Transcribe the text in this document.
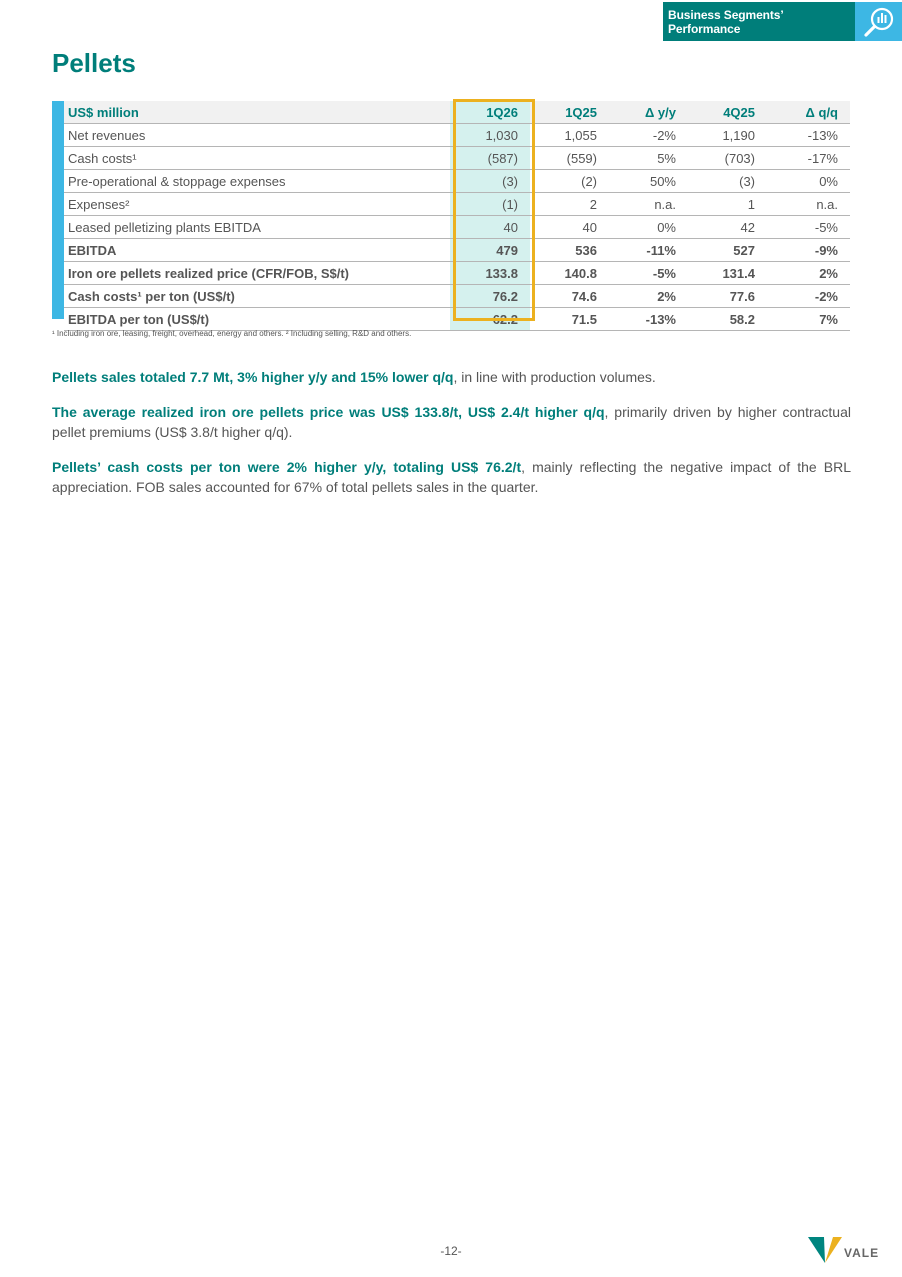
Business Segments’ Performance
Pellets
US$ million	1Q26	1Q25	Δ y/y	4Q25	Δ q/q
Net revenues	1,030	1,055	-2%	1,190	-13%
Cash costs¹	(587)	(559)	5%	(703)	-17%
Pre-operational & stoppage expenses	(3)	(2)	50%	(3)	0%
Expenses²	(1)	2	n.a.	1	n.a.
Leased pelletizing plants EBITDA	40	40	0%	42	-5%
EBITDA	479	536	-11%	527	-9%
Iron ore pellets realized price (CFR/FOB, S$/t)	133.8	140.8	-5%	131.4	2%
Cash costs¹ per ton (US$/t)	76.2	74.6	2%	77.6	-2%
EBITDA per ton (US$/t)	62.2	71.5	-13%	58.2	7%
¹ Including iron ore, leasing, freight, overhead, energy and others. ² Including selling, R&D and others.

Pellets sales totaled 7.7 Mt, 3% higher y/y and 15% lower q/q, in line with production volumes.

The average realized iron ore pellets price was US$ 133.8/t, US$ 2.4/t higher q/q, primarily driven by higher contractual pellet premiums (US$ 3.8/t higher q/q).

Pellets’ cash costs per ton were 2% higher y/y, totaling US$ 76.2/t, mainly reflecting the negative impact of the BRL appreciation. FOB sales accounted for 67% of total pellets sales in the quarter.

-12-	VALE
